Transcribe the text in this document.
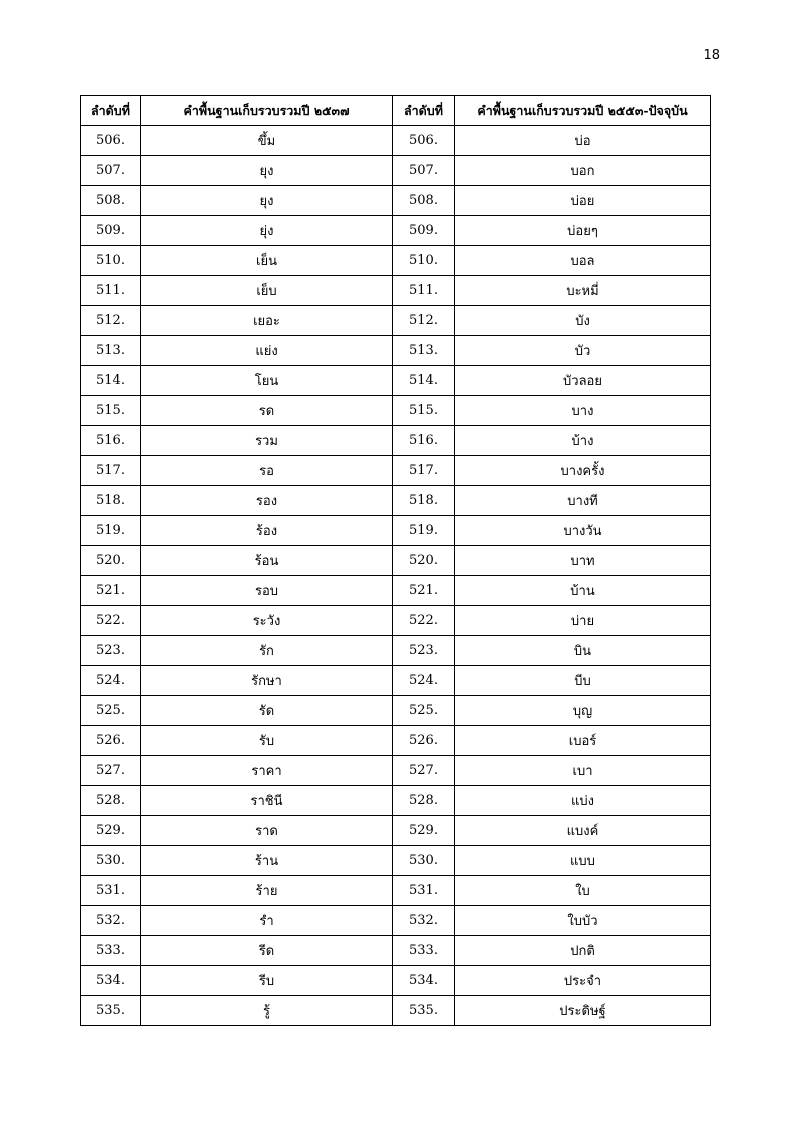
18
ลำดับที่	คำพื้นฐานเก็บรวบรวมปี ๒๕๓๗	ลำดับที่	คำพื้นฐานเก็บรวบรวมปี ๒๕๕๓-ปัจจุบัน
506.	ขึ้ม	506.	บ่อ
507.	ยุง	507.	บอก
508.	ยุง	508.	บ่อย
509.	ยุ่ง	509.	บ่อยๆ
510.	เย็น	510.	บอล
511.	เย็บ	511.	บะหมี่
512.	เยอะ	512.	บัง
513.	แย่ง	513.	บัว
514.	โยน	514.	บัวลอย
515.	รด	515.	บาง
516.	รวม	516.	บ้าง
517.	รอ	517.	บางครั้ง
518.	รอง	518.	บางที
519.	ร้อง	519.	บางวัน
520.	ร้อน	520.	บาท
521.	รอบ	521.	บ้าน
522.	ระวัง	522.	บ่าย
523.	รัก	523.	บิน
524.	รักษา	524.	บีบ
525.	รัด	525.	บุญ
526.	รับ	526.	เบอร์
527.	ราคา	527.	เบา
528.	ราชินี	528.	แบ่ง
529.	ราด	529.	แบงค์
530.	ร้าน	530.	แบบ
531.	ร้าย	531.	ใบ
532.	รำ	532.	ใบบัว
533.	รีด	533.	ปกติ
534.	รีบ	534.	ประจำ
535.	รู้	535.	ประดิษฐ์
